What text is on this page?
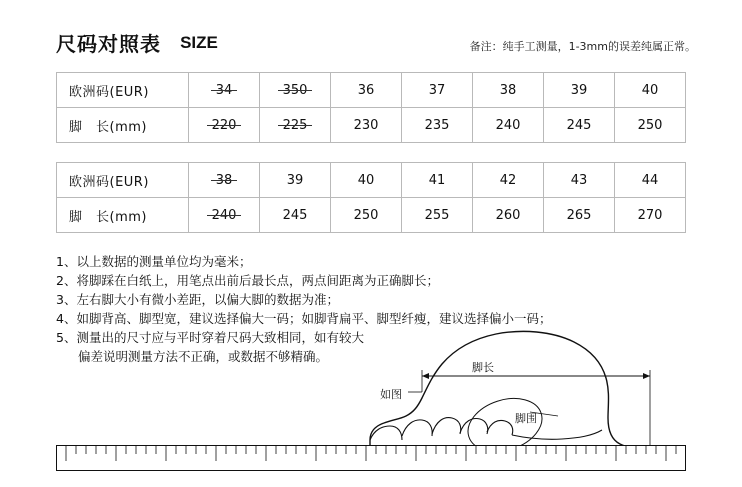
尺码对照表 SIZE	备注：纯手工测量，1-3mm的误差纯属正常。
欧洲码(EUR)	34	350	36	37	38	39	40
脚　长(mm)	220	225	230	235	240	245	250
欧洲码(EUR)	38	39	40	41	42	43	44
脚　长(mm)	240	245	250	255	260	265	270
1、以上数据的测量单位均为毫米；
2、将脚踩在白纸上，用笔点出前后最长点，两点间距离为正确脚长；
3、左右脚大小有微小差距，以偏大脚的数据为准；
4、如脚背高、脚型宽，建议选择偏大一码；如脚背扁平、脚型纤瘦，建议选择偏小一码；
5、测量出的尺寸应与平时穿着尺码大致相同，如有较大
偏差说明测量方法不正确，或数据不够精确。
脚长
如图
脚围
